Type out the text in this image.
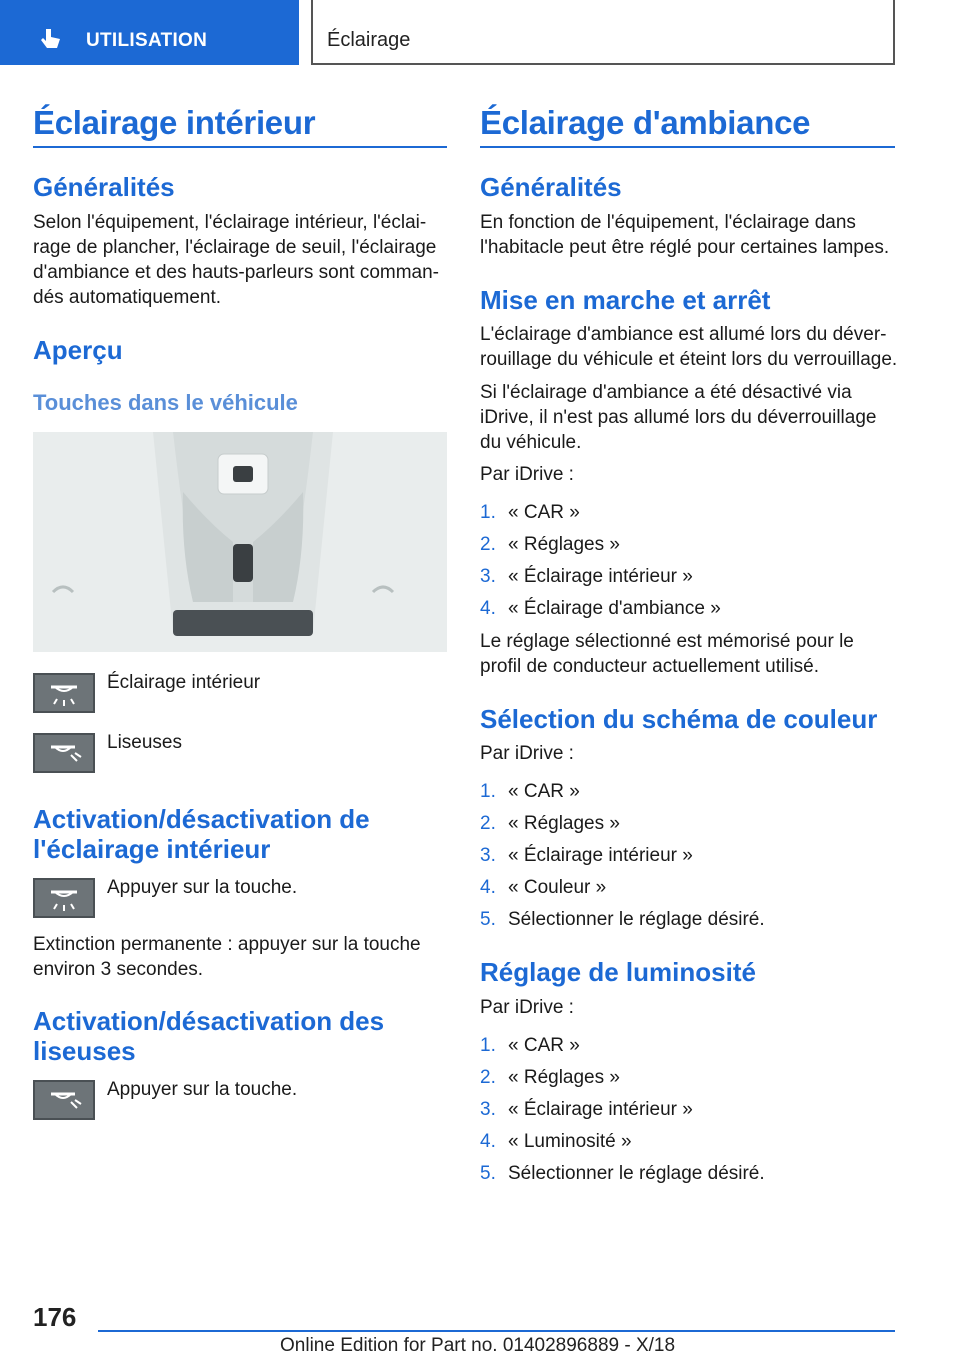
UTILISATION	Éclairage
Éclairage intérieur
Généralités
Selon l'équipement, l'éclairage intérieur, l'éclai-rage de plancher, l'éclairage de seuil, l'éclairage d'ambiance et des hauts-parleurs sont comman-dés automatiquement.
Aperçu
Touches dans le véhicule
Éclairage intérieur
Liseuses
Activation/désactivation de
l'éclairage intérieur
Appuyer sur la touche.
Extinction permanente : appuyer sur la touche environ 3 secondes.
Activation/désactivation des
liseuses
Appuyer sur la touche.
Éclairage d'ambiance
Généralités
En fonction de l'équipement, l'éclairage dans l'habitacle peut être réglé pour certaines lampes.
Mise en marche et arrêt
L'éclairage d'ambiance est allumé lors du déver-rouillage du véhicule et éteint lors du verrouillage.
Si l'éclairage d'ambiance a été désactivé via iDrive, il n'est pas allumé lors du déverrouillage du véhicule.
Par iDrive :
1. « CAR »
2. « Réglages »
3. « Éclairage intérieur »
4. « Éclairage d'ambiance »
Le réglage sélectionné est mémorisé pour le profil de conducteur actuellement utilisé.
Sélection du schéma de couleur
Par iDrive :
1. « CAR »
2. « Réglages »
3. « Éclairage intérieur »
4. « Couleur »
5. Sélectionner le réglage désiré.
Réglage de luminosité
Par iDrive :
1. « CAR »
2. « Réglages »
3. « Éclairage intérieur »
4. « Luminosité »
5. Sélectionner le réglage désiré.
176
Online Edition for Part no. 01402896889 - X/18
